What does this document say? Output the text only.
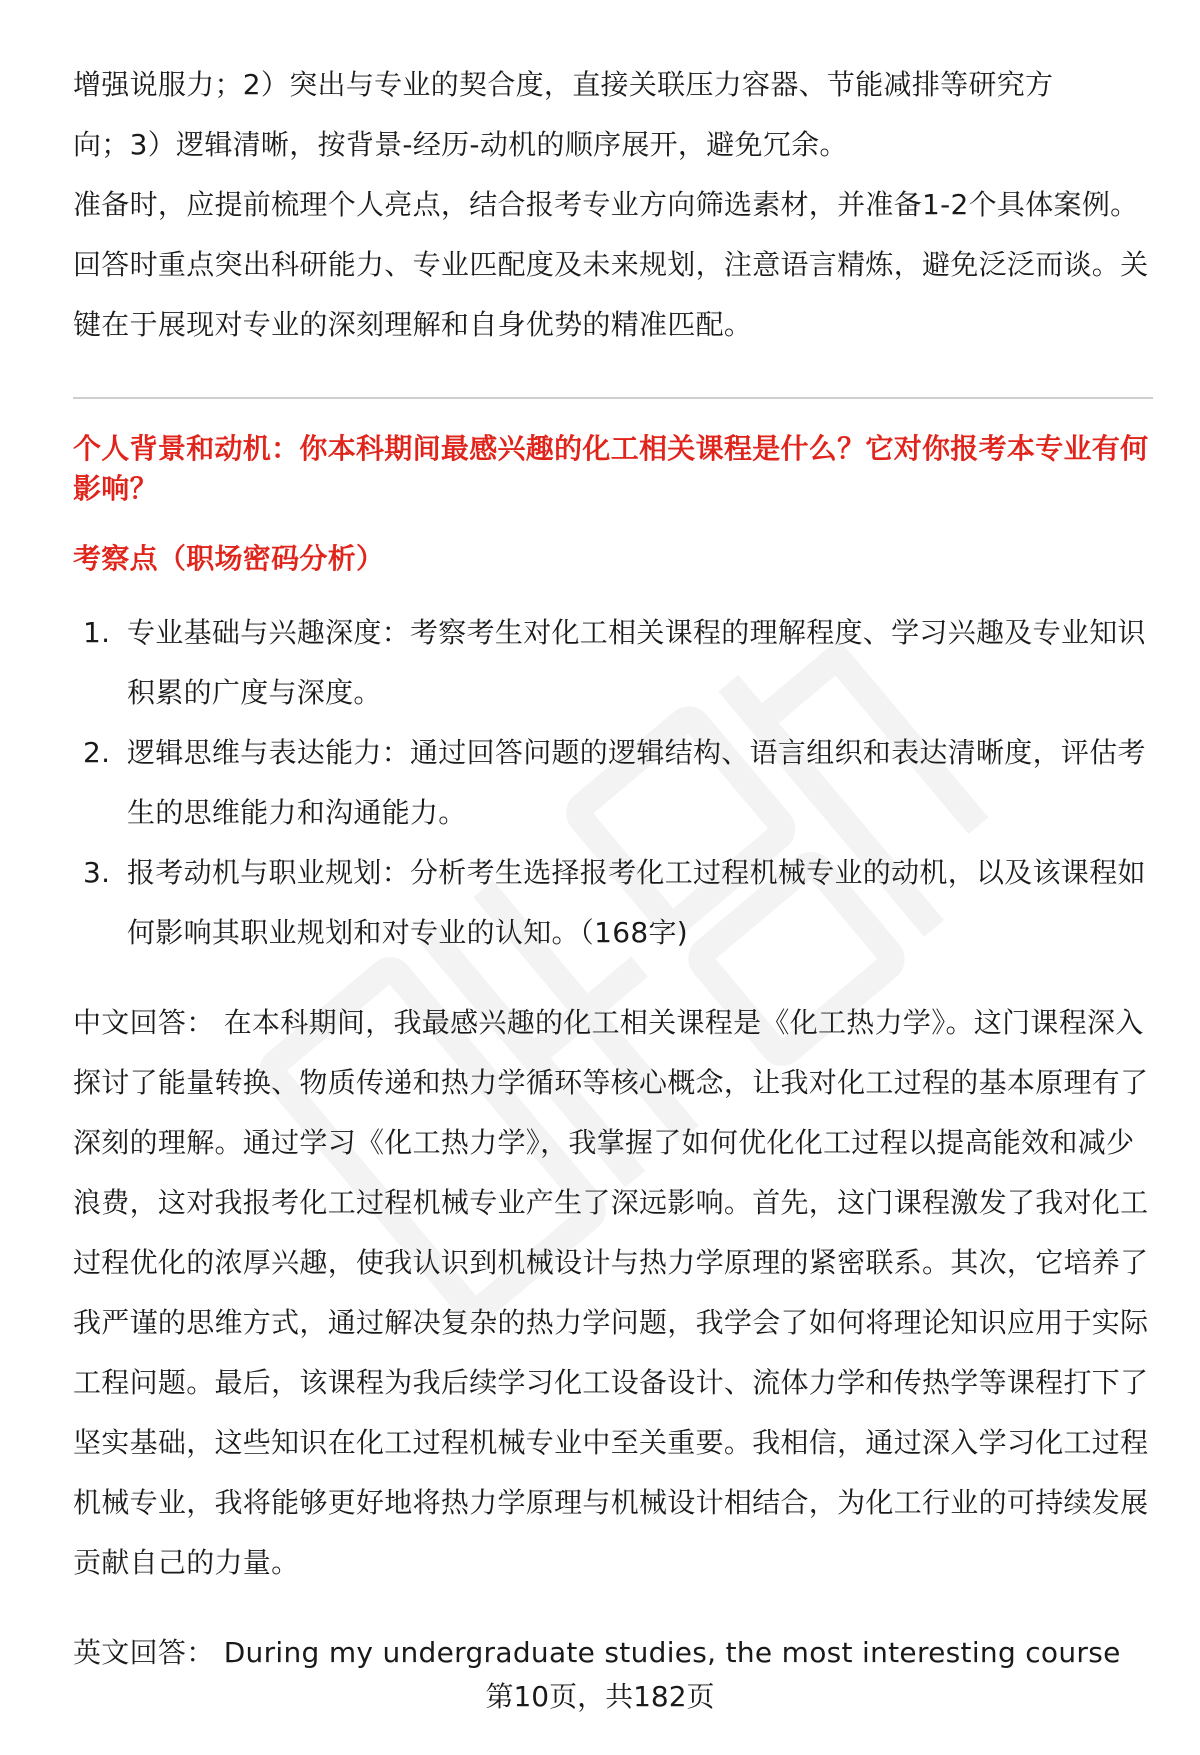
增强说服力；2）突出与专业的契合度，直接关联压力容器、节能减排等研究方

向；3）逻辑清晰，按背景-经历-动机的顺序展开，避免冗余。

准备时，应提前梳理个人亮点，结合报考专业方向筛选素材，并准备1-2个具体案例。回答时重点突出科研能力、专业匹配度及未来规划，注意语言精炼，避免泛泛而谈。关键在于展现对专业的深刻理解和自身优势的精准匹配。

个人背景和动机：你本科期间最感兴趣的化工相关课程是什么？它对你报考本专业有何影响？

考察点（职场密码分析）

1. 专业基础与兴趣深度：考察考生对化工相关课程的理解程度、学习兴趣及专业知识积累的广度与深度。
2. 逻辑思维与表达能力：通过回答问题的逻辑结构、语言组织和表达清晰度，评估考生的思维能力和沟通能力。
3. 报考动机与职业规划：分析考生选择报考化工过程机械专业的动机，以及该课程如何影响其职业规划和对专业的认知。（168字)

中文回答： 在本科期间，我最感兴趣的化工相关课程是《化工热力学》。这门课程深入探讨了能量转换、物质传递和热力学循环等核心概念，让我对化工过程的基本原理有了深刻的理解。通过学习《化工热力学》，我掌握了如何优化化工过程以提高能效和减少浪费，这对我报考化工过程机械专业产生了深远影响。首先，这门课程激发了我对化工过程优化的浓厚兴趣，使我认识到机械设计与热力学原理的紧密联系。其次，它培养了我严谨的思维方式，通过解决复杂的热力学问题，我学会了如何将理论知识应用于实际工程问题。最后，该课程为我后续学习化工设备设计、流体力学和传热学等课程打下了坚实基础，这些知识在化工过程机械专业中至关重要。我相信，通过深入学习化工过程机械专业，我将能够更好地将热力学原理与机械设计相结合，为化工行业的可持续发展贡献自己的力量。

英文回答： During my undergraduate studies, the most interesting course

第10页，共182页
